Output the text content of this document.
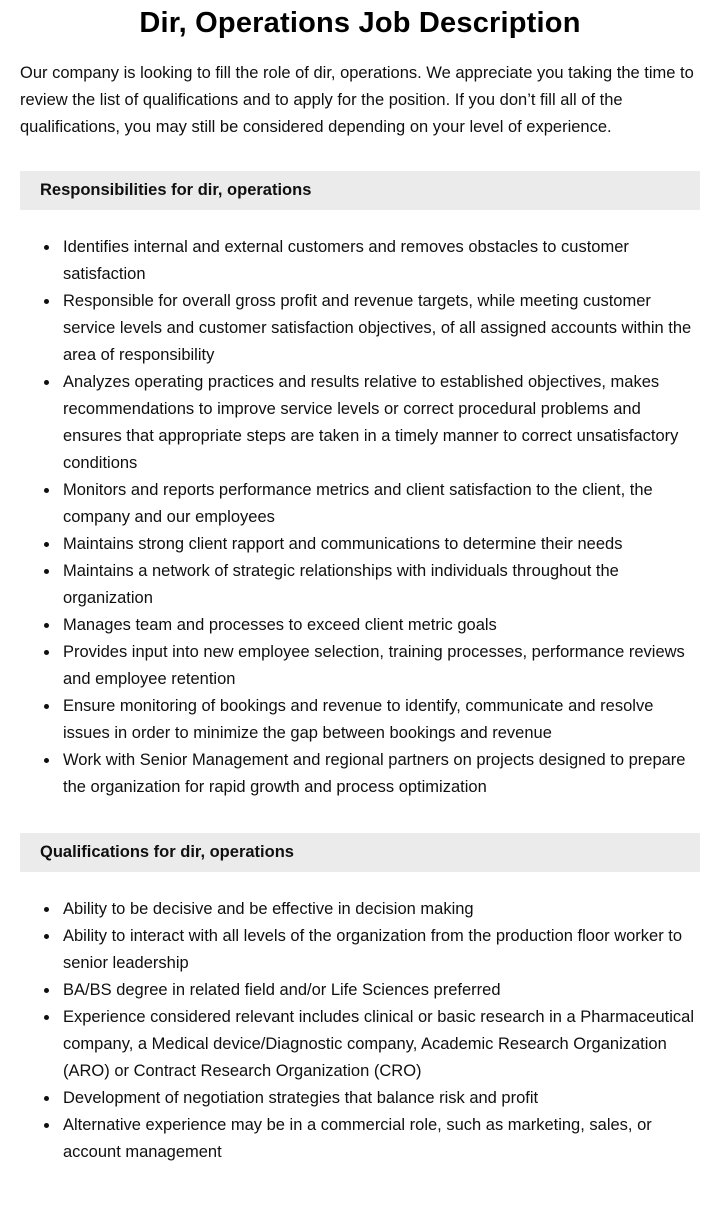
Dir, Operations Job Description

Our company is looking to fill the role of dir, operations. We appreciate you taking the time to review the list of qualifications and to apply for the position. If you don’t fill all of the qualifications, you may still be considered depending on your level of experience.

Responsibilities for dir, operations
• Identifies internal and external customers and removes obstacles to customer satisfaction
• Responsible for overall gross profit and revenue targets, while meeting customer service levels and customer satisfaction objectives, of all assigned accounts within the area of responsibility
• Analyzes operating practices and results relative to established objectives, makes recommendations to improve service levels or correct procedural problems and ensures that appropriate steps are taken in a timely manner to correct unsatisfactory conditions
• Monitors and reports performance metrics and client satisfaction to the client, the company and our employees
• Maintains strong client rapport and communications to determine their needs
• Maintains a network of strategic relationships with individuals throughout the organization
• Manages team and processes to exceed client metric goals
• Provides input into new employee selection, training processes, performance reviews and employee retention
• Ensure monitoring of bookings and revenue to identify, communicate and resolve issues in order to minimize the gap between bookings and revenue
• Work with Senior Management and regional partners on projects designed to prepare the organization for rapid growth and process optimization
Qualifications for dir, operations
• Ability to be decisive and be effective in decision making
• Ability to interact with all levels of the organization from the production floor worker to senior leadership
• BA/BS degree in related field and/or Life Sciences preferred
• Experience considered relevant includes clinical or basic research in a Pharmaceutical company, a Medical device/Diagnostic company, Academic Research Organization (ARO) or Contract Research Organization (CRO)
• Development of negotiation strategies that balance risk and profit
• Alternative experience may be in a commercial role, such as marketing, sales, or account management
